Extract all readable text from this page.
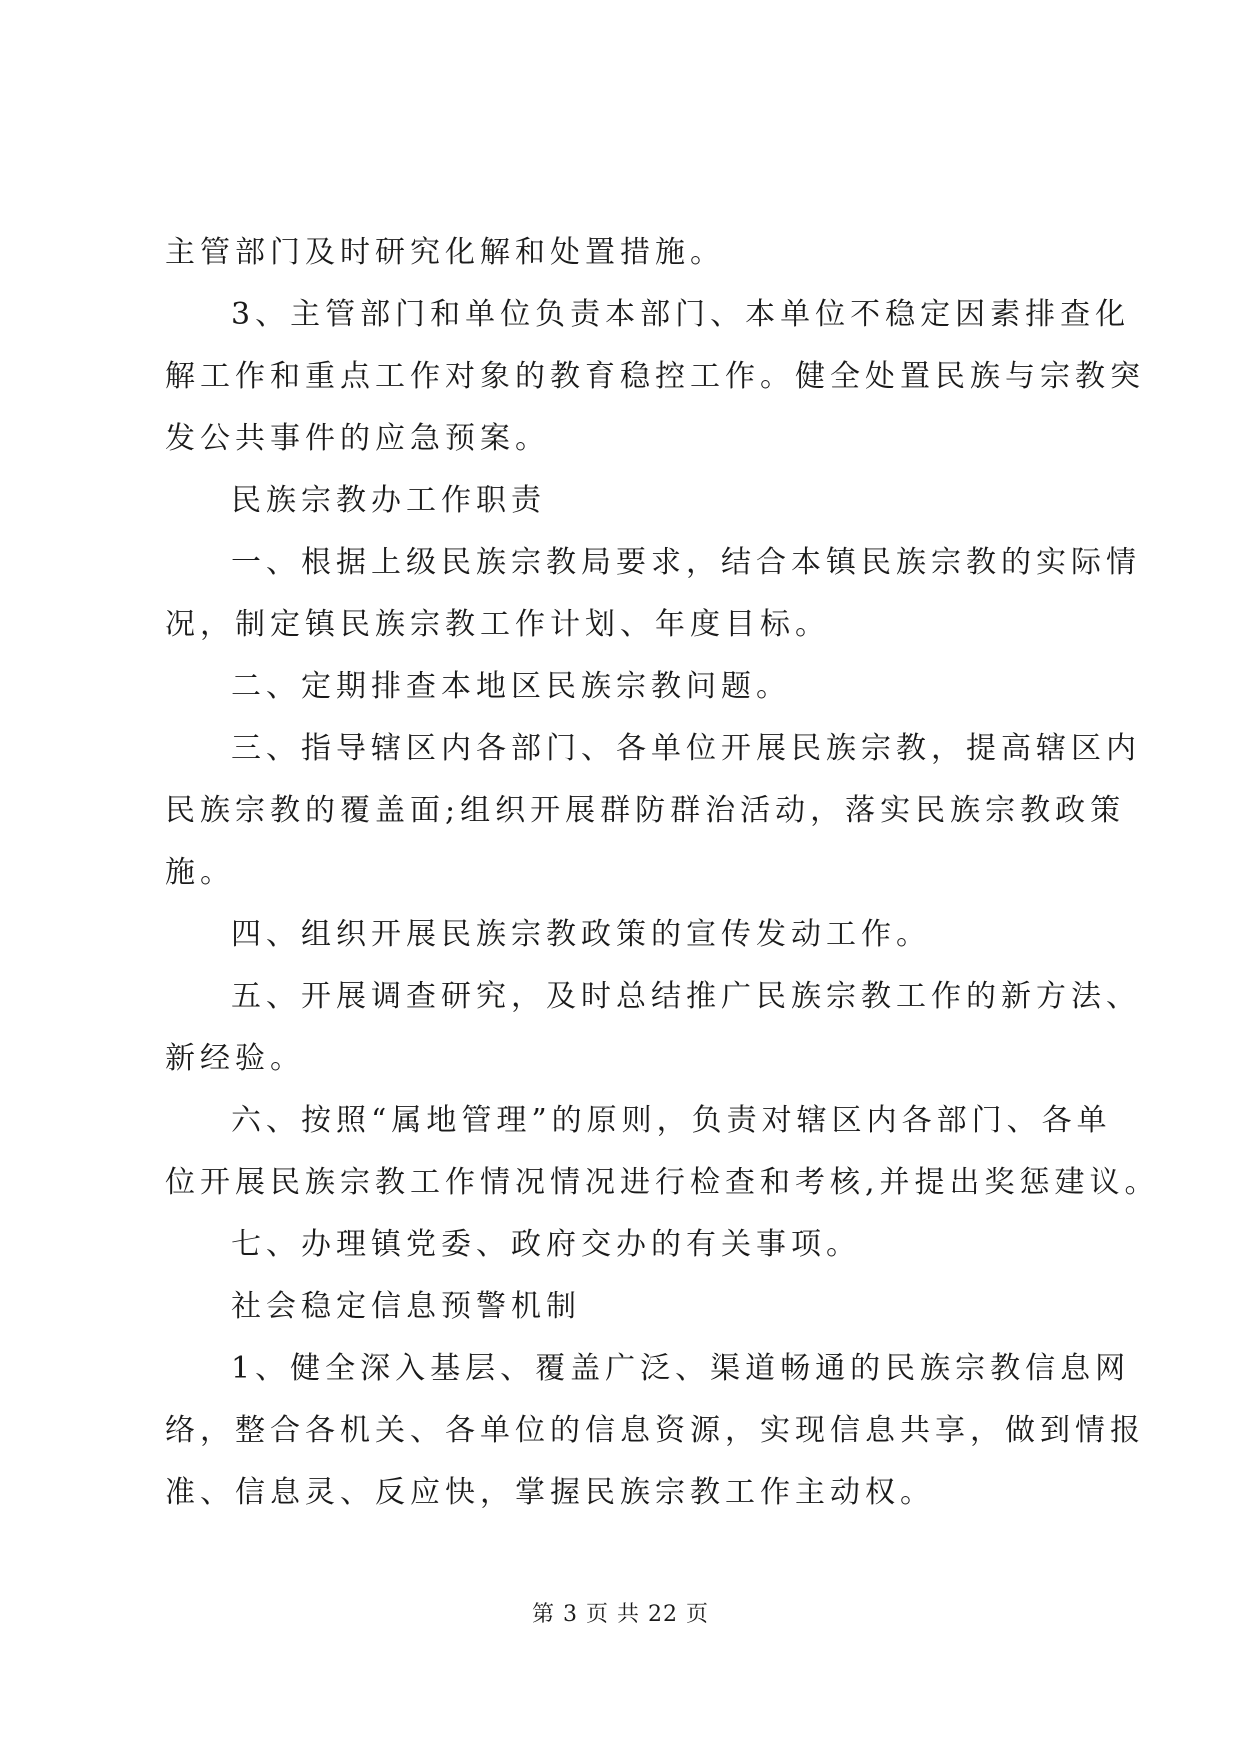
主管部门及时研究化解和处置措施。
3、主管部门和单位负责本部门、本单位不稳定因素排查化
解工作和重点工作对象的教育稳控工作。健全处置民族与宗教突
发公共事件的应急预案。
民族宗教办工作职责
一、根据上级民族宗教局要求，结合本镇民族宗教的实际情
况，制定镇民族宗教工作计划、年度目标。
二、定期排查本地区民族宗教问题。
三、指导辖区内各部门、各单位开展民族宗教，提高辖区内
民族宗教的覆盖面;组织开展群防群治活动，落实民族宗教政策
施。
四、组织开展民族宗教政策的宣传发动工作。
五、开展调查研究，及时总结推广民族宗教工作的新方法、
新经验。
六、按照“属地管理”的原则，负责对辖区内各部门、各单
位开展民族宗教工作情况情况进行检查和考核,并提出奖惩建议。
七、办理镇党委、政府交办的有关事项。
社会稳定信息预警机制
1、健全深入基层、覆盖广泛、渠道畅通的民族宗教信息网
络，整合各机关、各单位的信息资源，实现信息共享，做到情报
准、信息灵、反应快，掌握民族宗教工作主动权。
第 3 页 共 22 页
